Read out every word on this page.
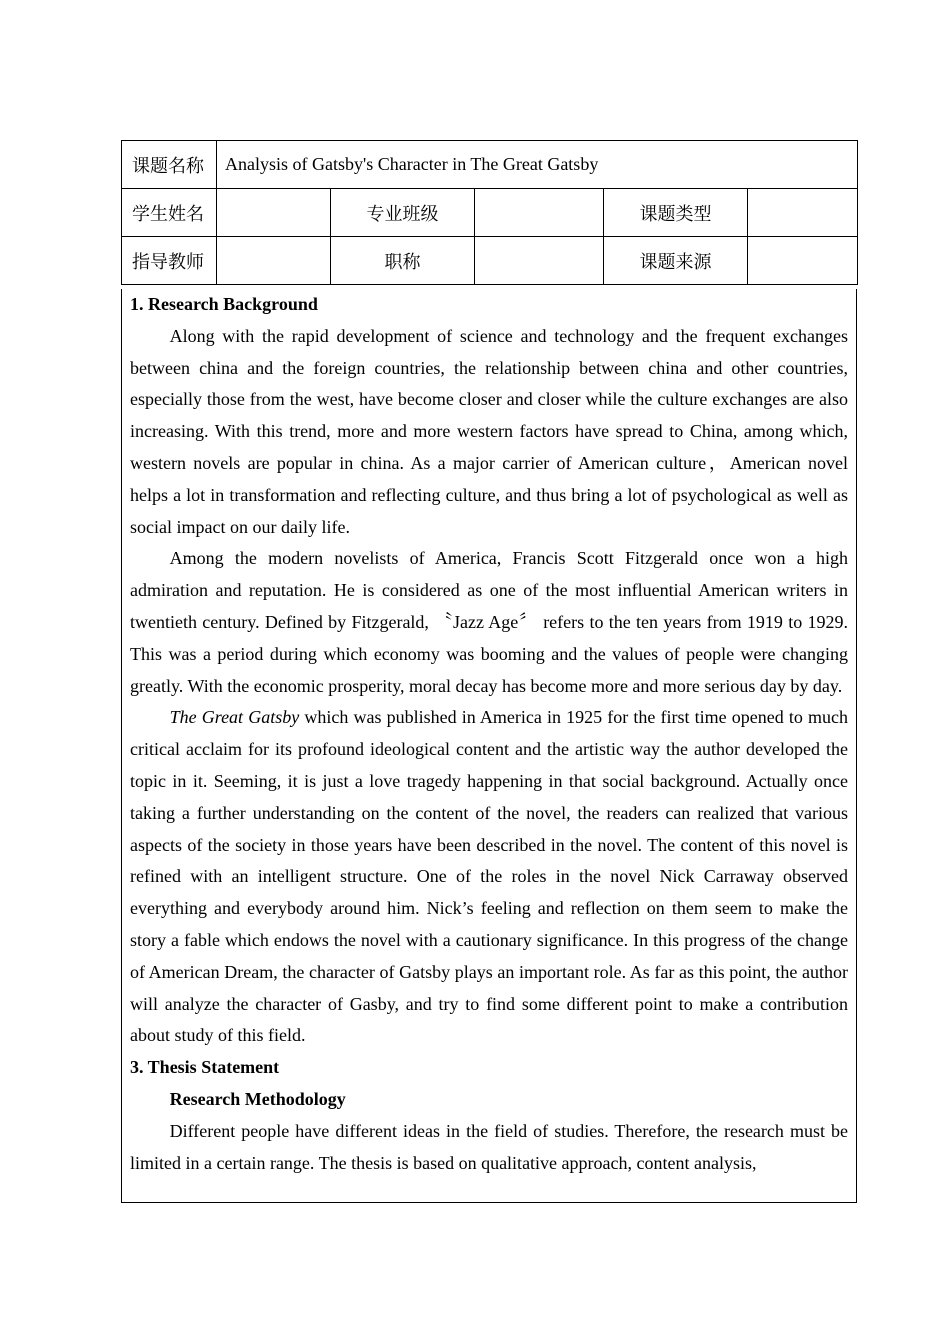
课题名称	Analysis of Gatsby's Character in The Great Gatsby				
学生姓名		专业班级		课题类型	
指导教师		职称		课题来源	
1. Research Background

Along with the rapid development of science and technology and the frequent exchanges between china and the foreign countries, the relationship between china and other countries, especially those from the west, have become closer and closer while the culture exchanges are also increasing. With this trend, more and more western factors have spread to China, among which, western novels are popular in china. As a major carrier of American culture，American novel helps a lot in transformation and reflecting culture, and thus bring a lot of psychological as well as social impact on our daily life.

Among the modern novelists of America, Francis Scott Fitzgerald once won a high admiration and reputation. He is considered as one of the most influential American writers in twentieth century. Defined by Fitzgerald, 〝Jazz Age〞 refers to the ten years from 1919 to 1929. This was a period during which economy was booming and the values of people were changing greatly. With the economic prosperity, moral decay has become more and more serious day by day.

The Great Gatsby which was published in America in 1925 for the first time opened to much critical acclaim for its profound ideological content and the artistic way the author developed the topic in it. Seeming, it is just a love tragedy happening in that social background. Actually once taking a further understanding on the content of the novel, the readers can realized that various aspects of the society in those years have been described in the novel. The content of this novel is refined with an intelligent structure. One of the roles in the novel Nick Carraway observed everything and everybody around him. Nick’s feeling and reflection on them seem to make the story a fable which endows the novel with a cautionary significance. In this progress of the change of American Dream, the character of Gatsby plays an important role. As far as this point, the author will analyze the character of Gasby, and try to find some different point to make a contribution about study of this field.

3. Thesis Statement
Research Methodology

Different people have different ideas in the field of studies. Therefore, the research must be limited in a certain range. The thesis is based on qualitative approach, content analysis,
